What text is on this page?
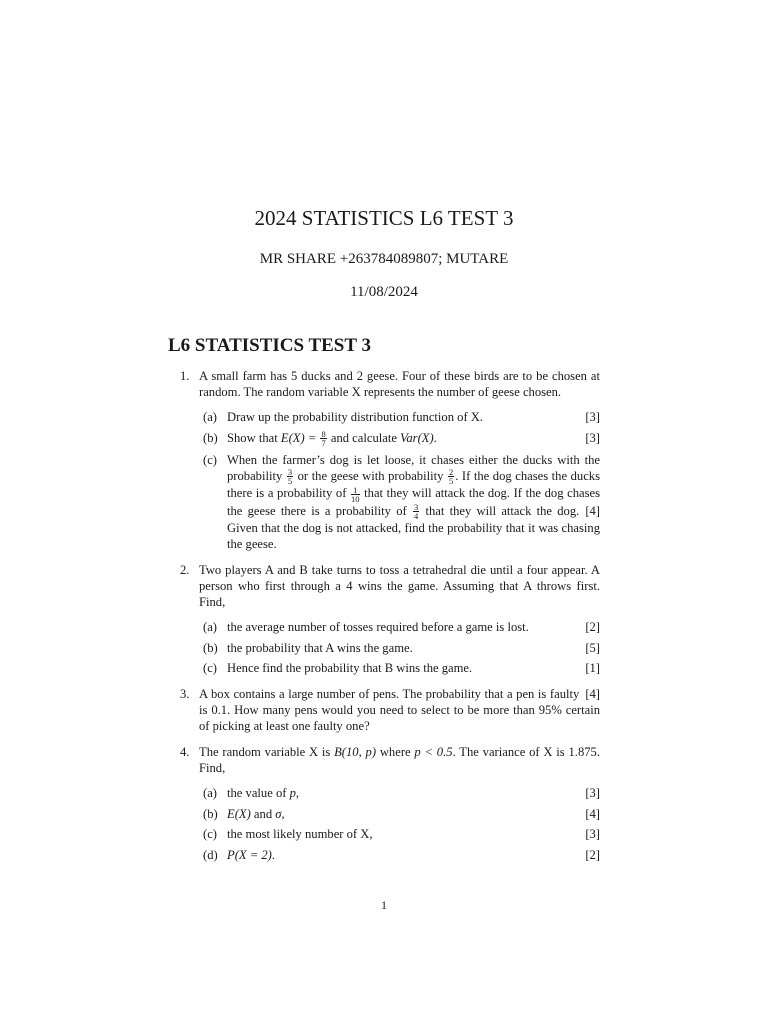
2024 STATISTICS L6 TEST 3
MR SHARE +263784089807; MUTARE
11/08/2024
L6 STATISTICS TEST 3
1. A small farm has 5 ducks and 2 geese. Four of these birds are to be chosen at random. The random variable X represents the number of geese chosen.
(a) Draw up the probability distribution function of X.	[3]
(b) Show that $E(X) = \frac{8}{7}$ and calculate Var(X).	[3]
(c) When the farmer’s dog is let loose, it chases either the ducks with the probability $\frac{3}{5}$ or the geese with probability $\frac{2}{5}$ . If the dog chases the ducks there is a probability of $\frac{1}{10}$ that they will attack the dog. If the dog chases the geese there is a probability of $\frac{3}{4}$	[4]
that they will attack the dog. Given that the dog is not attacked, find the probability that it was chasing the geese.
2. Two players A and B take turns to toss a tetrahedral die until a four appear. A person who first through a 4 wins the game. Assuming that A throws first. Find,
(a) the average number of tosses required before a game is lost.	[2]
(b) the probability that A wins the game.	[5]
(c) Hence find the probability that B wins the game.	[1]
3.	[4]
A box contains a large number of pens. The probability that a pen is faulty is 0.1. How many pens would you need to select to be more than 95% certain of picking at least one faulty one?
4. The random variable X is B(10, p) where p < 0.5. The variance of X is 1.875. Find,
(a) the value of p,	[3]
(b) E(X) and σ,	[4]
(c) the most likely number of X,	[3]
(d) P(X = 2).	[2]
1
